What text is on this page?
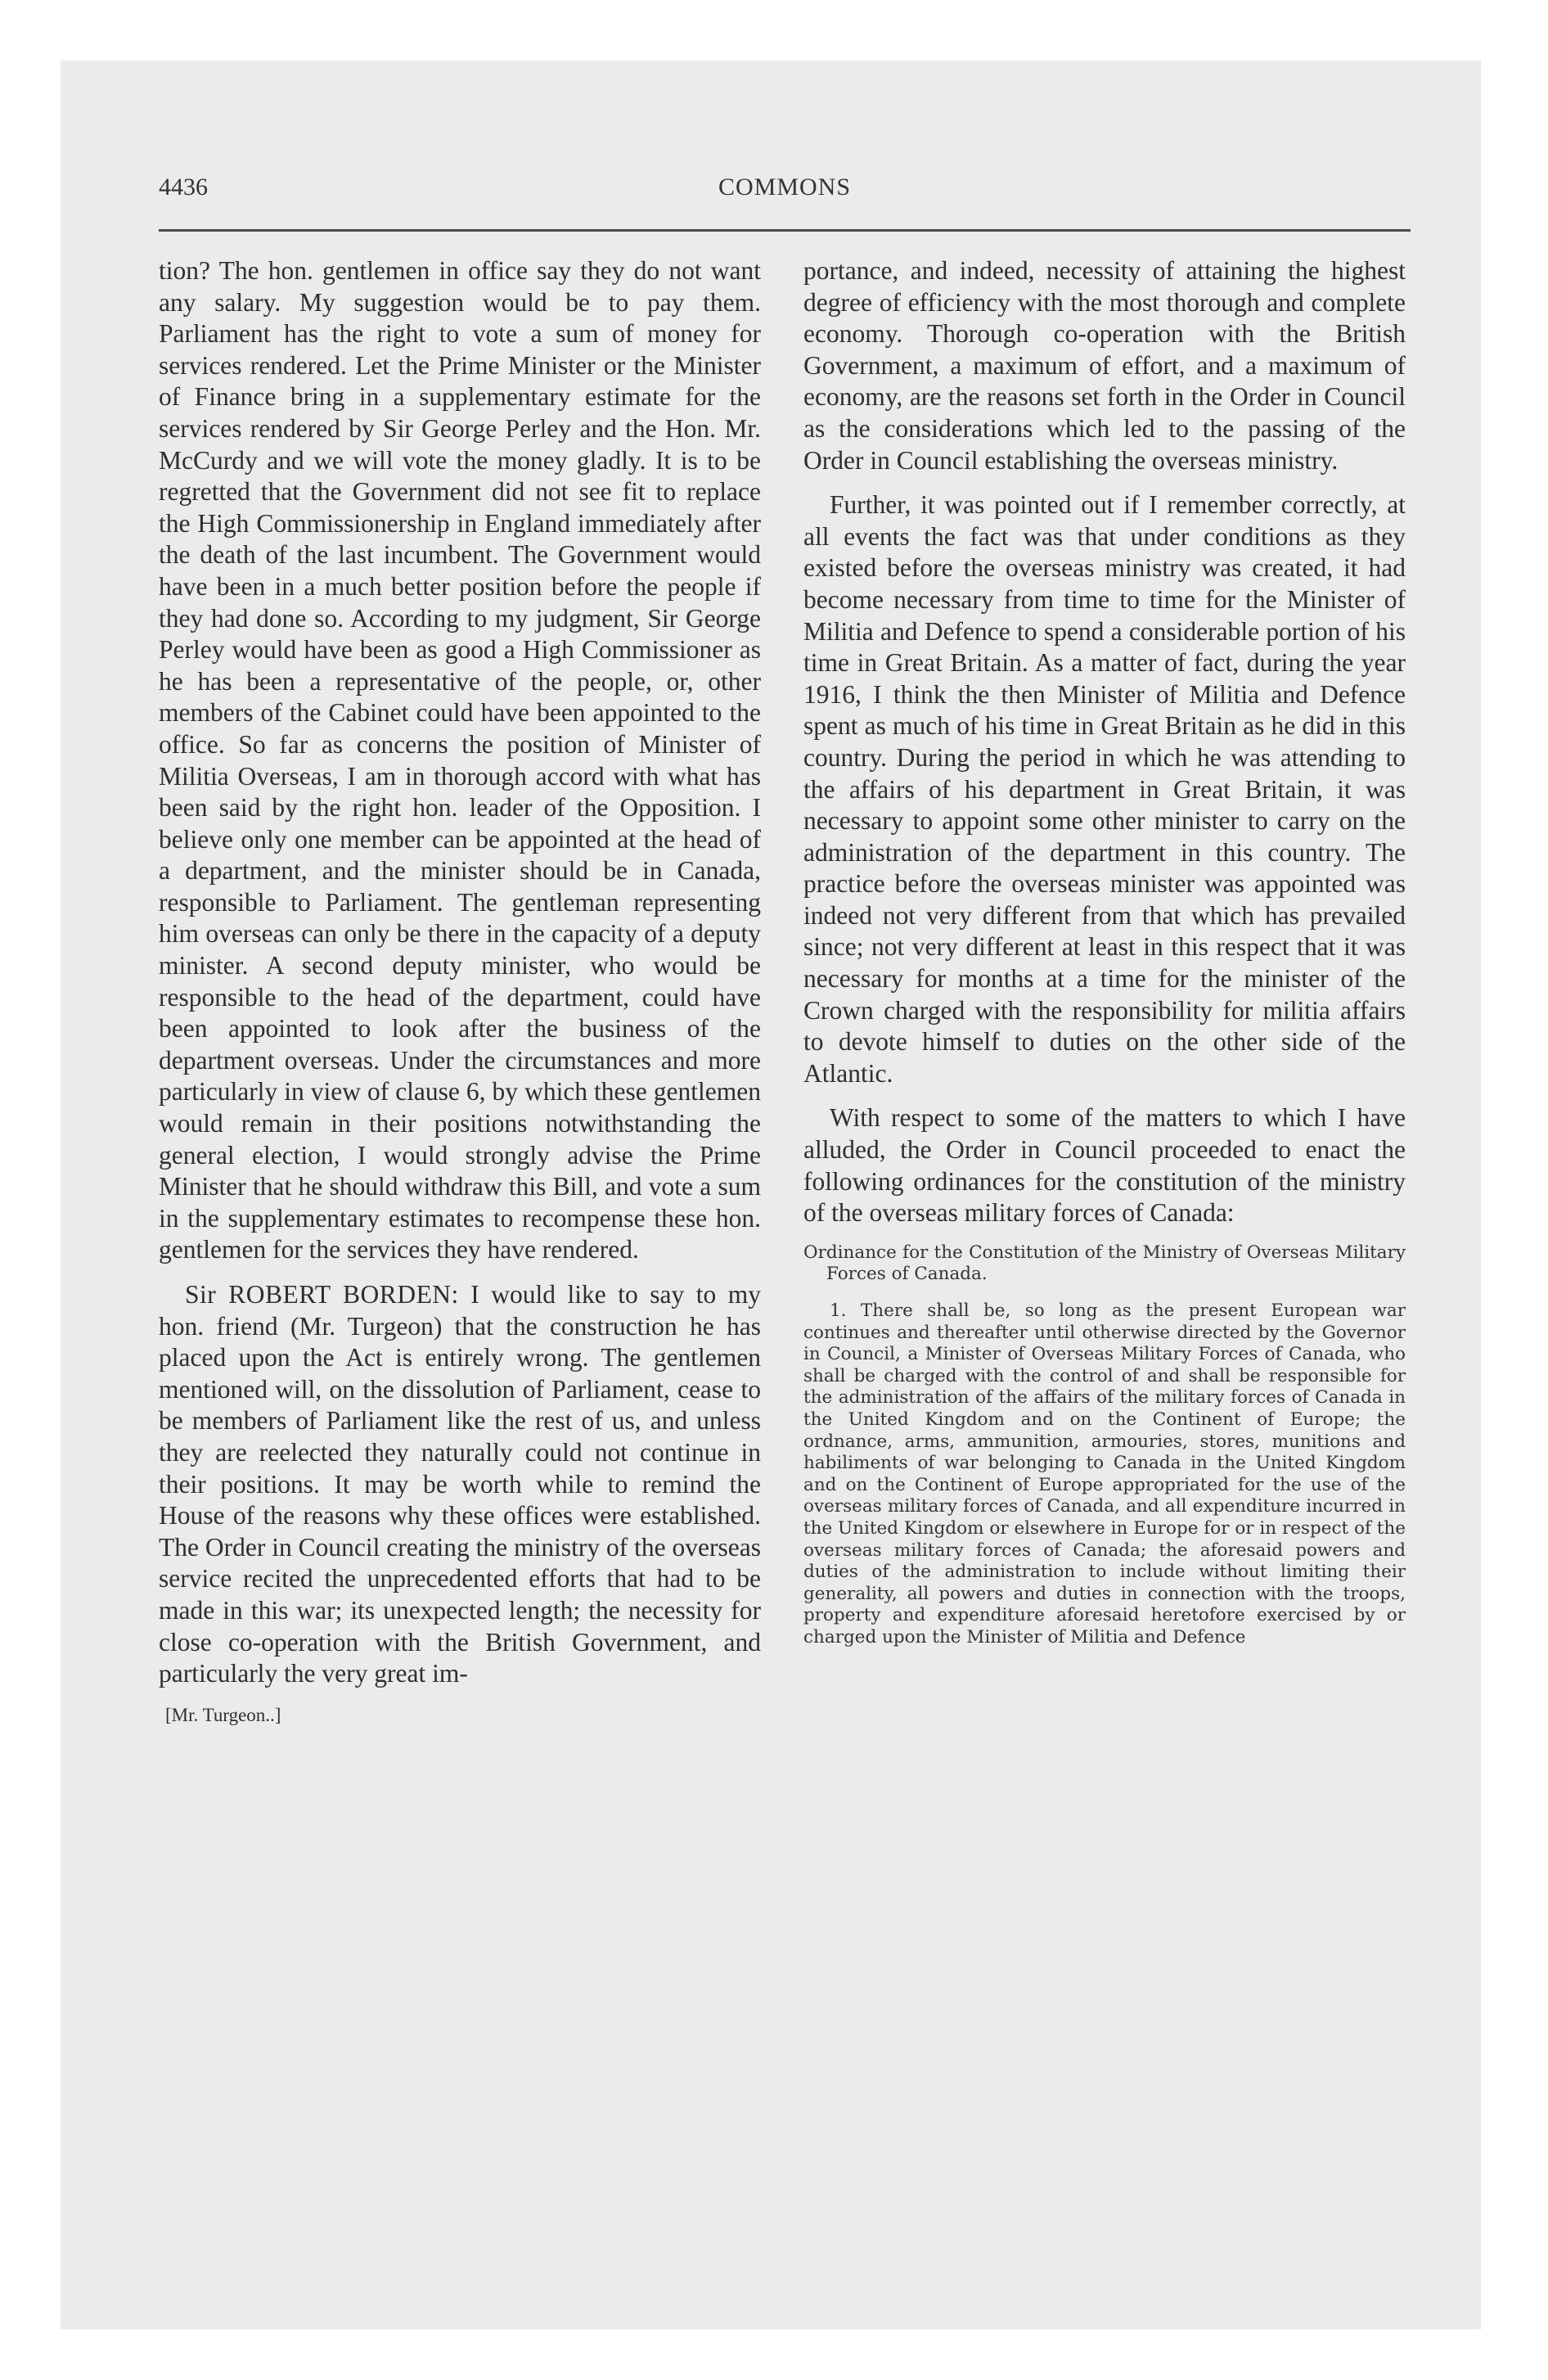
4436	COMMONS

tion? The hon. gentlemen in office say they do not want any salary. My suggestion would be to pay them. Parliament has the right to vote a sum of money for services rendered. Let the Prime Minister or the Minister of Finance bring in a supplementary estimate for the services rendered by Sir George Perley and the Hon. Mr. McCurdy and we will vote the money gladly. It is to be regretted that the Government did not see fit to replace the High Commissionership in England immediately after the death of the last incumbent. The Government would have been in a much better position before the people if they had done so. According to my judgment, Sir George Perley would have been as good a High Commissioner as he has been a representative of the people, or, other members of the Cabinet could have been appointed to the office. So far as concerns the position of Minister of Militia Overseas, I am in thorough accord with what has been said by the right hon. leader of the Opposition. I believe only one member can be appointed at the head of a department, and the minister should be in Canada, responsible to Parliament. The gentleman representing him overseas can only be there in the capacity of a deputy minister. A second deputy minister, who would be responsible to the head of the department, could have been appointed to look after the business of the department overseas. Under the circumstances and more particularly in view of clause 6, by which these gentlemen would remain in their positions notwithstanding the general election, I would strongly advise the Prime Minister that he should withdraw this Bill, and vote a sum in the supplementary estimates to recompense these hon. gentlemen for the services they have rendered.

Sir ROBERT BORDEN: I would like to say to my hon. friend (Mr. Turgeon) that the construction he has placed upon the Act is entirely wrong. The gentlemen mentioned will, on the dissolution of Parliament, cease to be members of Parliament like the rest of us, and unless they are reelected they naturally could not continue in their positions. It may be worth while to remind the House of the reasons why these offices were established. The Order in Council creating the ministry of the overseas service recited the unprecedented efforts that had to be made in this war; its unexpected length; the necessity for close co-operation with the British Government, and particularly the very great im-

[Mr. Turgeon..]

portance, and indeed, necessity of attaining the highest degree of efficiency with the most thorough and complete economy. Thorough co-operation with the British Government, a maximum of effort, and a maximum of economy, are the reasons set forth in the Order in Council as the considerations which led to the passing of the Order in Council establishing the overseas ministry.

Further, it was pointed out if I remember correctly, at all events the fact was that under conditions as they existed before the overseas ministry was created, it had become necessary from time to time for the Minister of Militia and Defence to spend a considerable portion of his time in Great Britain. As a matter of fact, during the year 1916, I think the then Minister of Militia and Defence spent as much of his time in Great Britain as he did in this country. During the period in which he was attending to the affairs of his department in Great Britain, it was necessary to appoint some other minister to carry on the administration of the department in this country. The practice before the overseas minister was appointed was indeed not very different from that which has prevailed since; not very different at least in this respect that it was necessary for months at a time for the minister of the Crown charged with the responsibility for militia affairs to devote himself to duties on the other side of the Atlantic.

With respect to some of the matters to which I have alluded, the Order in Council proceeded to enact the following ordinances for the constitution of the ministry of the overseas military forces of Canada:

Ordinance for the Constitution of the Ministry of Overseas Military Forces of Canada.
1. There shall be, so long as the present European war continues and thereafter until otherwise directed by the Governor in Council, a Minister of Overseas Military Forces of Canada, who shall be charged with the control of and shall be responsible for the administration of the affairs of the military forces of Canada in the United Kingdom and on the Continent of Europe; the ordnance, arms, ammunition, armouries, stores, munitions and habiliments of war belonging to Canada in the United Kingdom and on the Continent of Europe appropriated for the use of the overseas military forces of Canada, and all expenditure incurred in the United Kingdom or elsewhere in Europe for or in respect of the overseas military forces of Canada; the aforesaid powers and duties of the administration to include without limiting their generality, all powers and duties in connection with the troops, property and expenditure aforesaid heretofore exercised by or charged upon the Minister of Militia and Defence
